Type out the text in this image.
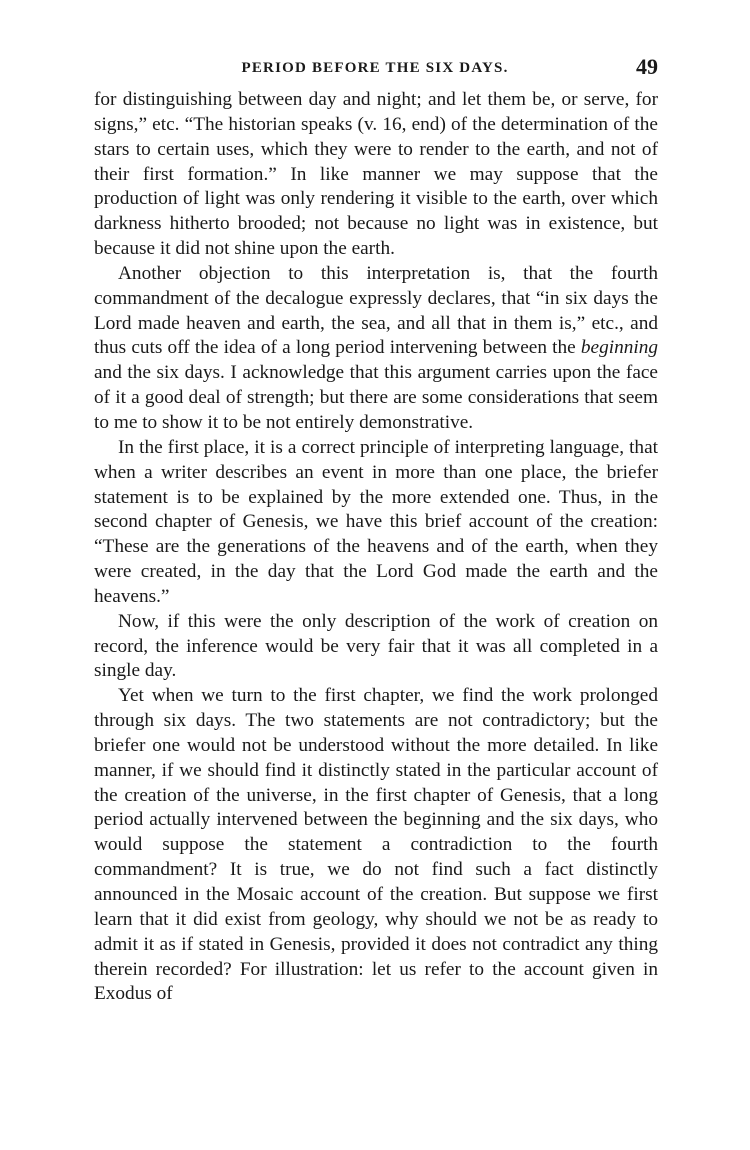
PERIOD BEFORE THE SIX DAYS.	49

for distinguishing between day and night; and let them be, or serve, for signs,” etc. “The historian speaks (v. 16, end) of the determination of the stars to certain uses, which they were to render to the earth, and not of their first formation.” In like manner we may suppose that the production of light was only rendering it visible to the earth, over which darkness hitherto brooded; not because no light was in existence, but because it did not shine upon the earth.

Another objection to this interpretation is, that the fourth commandment of the decalogue expressly declares, that “in six days the Lord made heaven and earth, the sea, and all that in them is,” etc., and thus cuts off the idea of a long period intervening between the beginning and the six days. I acknowledge that this argument carries upon the face of it a good deal of strength; but there are some considerations that seem to me to show it to be not entirely demonstrative.

In the first place, it is a correct principle of interpreting language, that when a writer describes an event in more than one place, the briefer statement is to be explained by the more extended one. Thus, in the second chapter of Genesis, we have this brief account of the creation: “These are the generations of the heavens and of the earth, when they were created, in the day that the Lord God made the earth and the heavens.”

Now, if this were the only description of the work of creation on record, the inference would be very fair that it was all completed in a single day.

Yet when we turn to the first chapter, we find the work prolonged through six days. The two statements are not contradictory; but the briefer one would not be understood without the more detailed. In like manner, if we should find it distinctly stated in the particular account of the creation of the universe, in the first chapter of Genesis, that a long period actually intervened between the beginning and the six days, who would suppose the statement a contradiction to the fourth commandment? It is true, we do not find such a fact distinctly announced in the Mosaic account of the creation. But suppose we first learn that it did exist from geology, why should we not be as ready to admit it as if stated in Genesis, provided it does not contradict any thing therein recorded? For illustration: let us refer to the account given in Exodus of
